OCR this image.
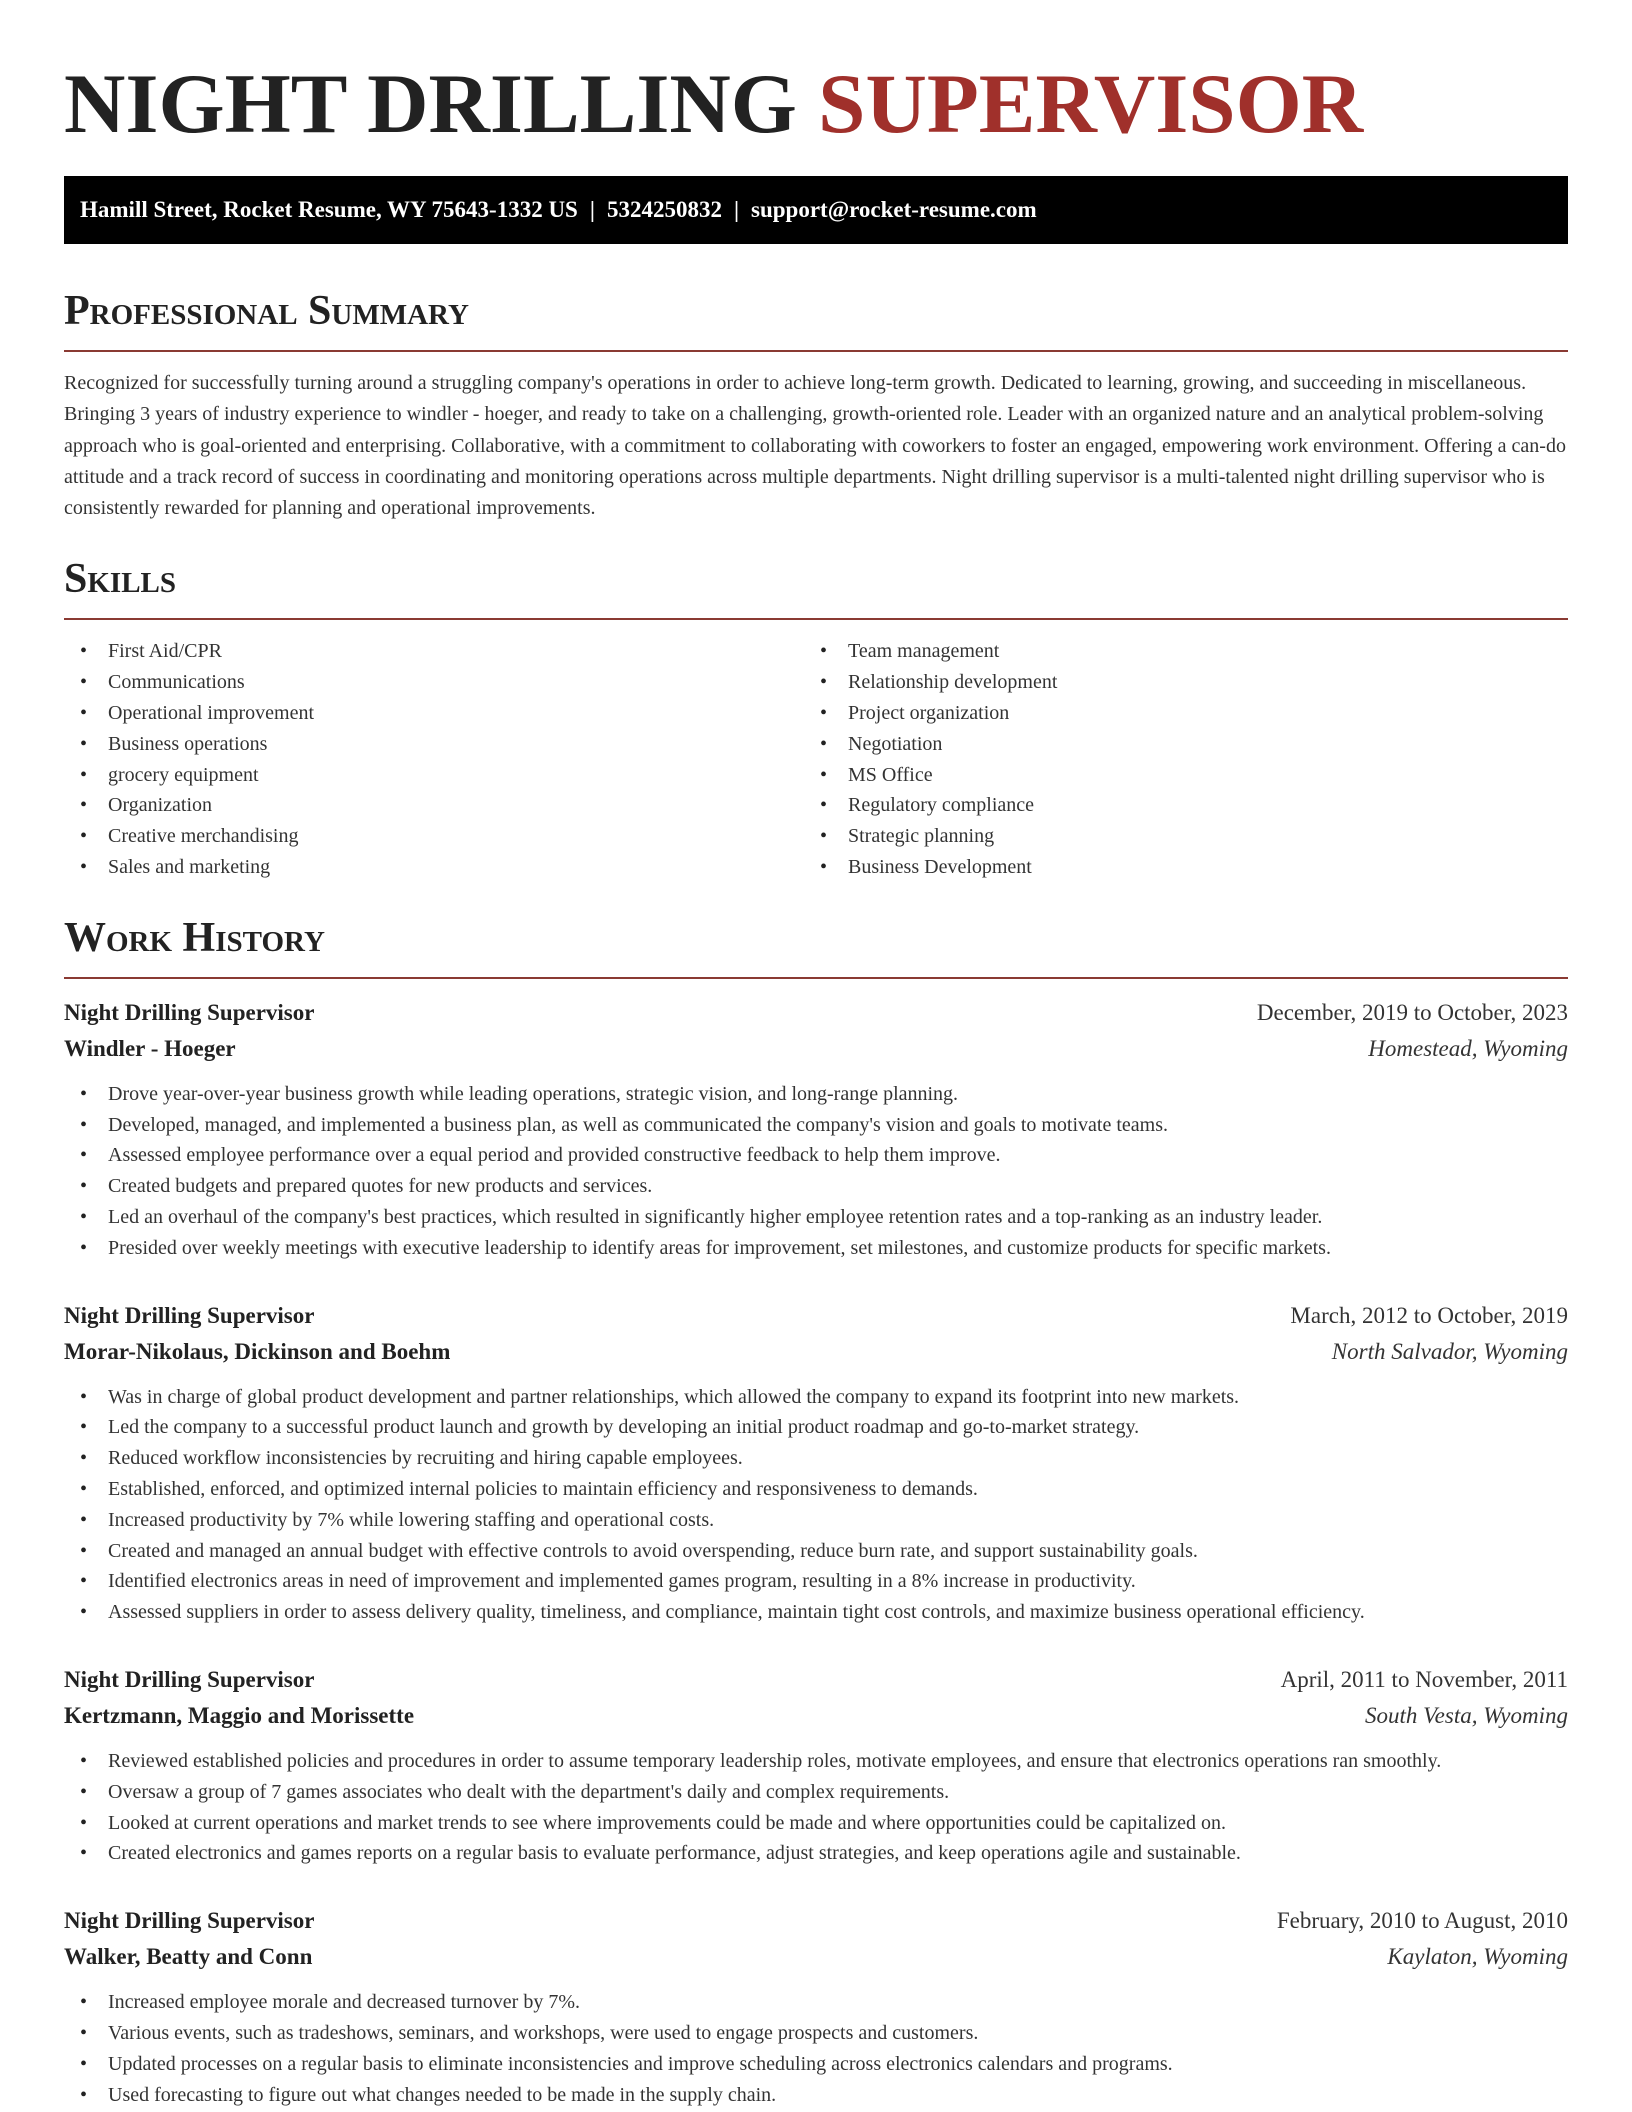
NIGHT DRILLING SUPERVISOR
Hamill Street, Rocket Resume, WY 75643-1332 US | 5324250832 | support@rocket-resume.com
Professional Summary

Recognized for successfully turning around a struggling company's operations in order to achieve long-term growth. Dedicated to learning, growing, and succeeding in miscellaneous. Bringing 3 years of industry experience to windler - hoeger, and ready to take on a challenging, growth-oriented role. Leader with an organized nature and an analytical problem-solving approach who is goal-oriented and enterprising. Collaborative, with a commitment to collaborating with coworkers to foster an engaged, empowering work environment. Offering a can-do attitude and a track record of success in coordinating and monitoring operations across multiple departments. Night drilling supervisor is a multi-talented night drilling supervisor who is consistently rewarded for planning and operational improvements.

Skills
• First Aid/CPR
• Communications
• Operational improvement
• Business operations
• grocery equipment
• Organization
• Creative merchandising
• Sales and marketing
• Team management
• Relationship development
• Project organization
• Negotiation
• MS Office
• Regulatory compliance
• Strategic planning
• Business Development
Work History
Night Drilling Supervisor	December, 2019 to October, 2023
Windler - Hoeger	Homestead, Wyoming
• Drove year-over-year business growth while leading operations, strategic vision, and long-range planning.
• Developed, managed, and implemented a business plan, as well as communicated the company's vision and goals to motivate teams.
• Assessed employee performance over a equal period and provided constructive feedback to help them improve.
• Created budgets and prepared quotes for new products and services.
• Led an overhaul of the company's best practices, which resulted in significantly higher employee retention rates and a top-ranking as an industry leader.
• Presided over weekly meetings with executive leadership to identify areas for improvement, set milestones, and customize products for specific markets.
Night Drilling Supervisor	March, 2012 to October, 2019
Morar-Nikolaus, Dickinson and Boehm	North Salvador, Wyoming
• Was in charge of global product development and partner relationships, which allowed the company to expand its footprint into new markets.
• Led the company to a successful product launch and growth by developing an initial product roadmap and go-to-market strategy.
• Reduced workflow inconsistencies by recruiting and hiring capable employees.
• Established, enforced, and optimized internal policies to maintain efficiency and responsiveness to demands.
• Increased productivity by 7% while lowering staffing and operational costs.
• Created and managed an annual budget with effective controls to avoid overspending, reduce burn rate, and support sustainability goals.
• Identified electronics areas in need of improvement and implemented games program, resulting in a 8% increase in productivity.
• Assessed suppliers in order to assess delivery quality, timeliness, and compliance, maintain tight cost controls, and maximize business operational efficiency.
Night Drilling Supervisor	April, 2011 to November, 2011
Kertzmann, Maggio and Morissette	South Vesta, Wyoming
• Reviewed established policies and procedures in order to assume temporary leadership roles, motivate employees, and ensure that electronics operations ran smoothly.
• Oversaw a group of 7 games associates who dealt with the department's daily and complex requirements.
• Looked at current operations and market trends to see where improvements could be made and where opportunities could be capitalized on.
• Created electronics and games reports on a regular basis to evaluate performance, adjust strategies, and keep operations agile and sustainable.
Night Drilling Supervisor	February, 2010 to August, 2010
Walker, Beatty and Conn	Kaylaton, Wyoming
• Increased employee morale and decreased turnover by 7%.
• Various events, such as tradeshows, seminars, and workshops, were used to engage prospects and customers.
• Updated processes on a regular basis to eliminate inconsistencies and improve scheduling across electronics calendars and programs.
• Used forecasting to figure out what changes needed to be made in the supply chain.
